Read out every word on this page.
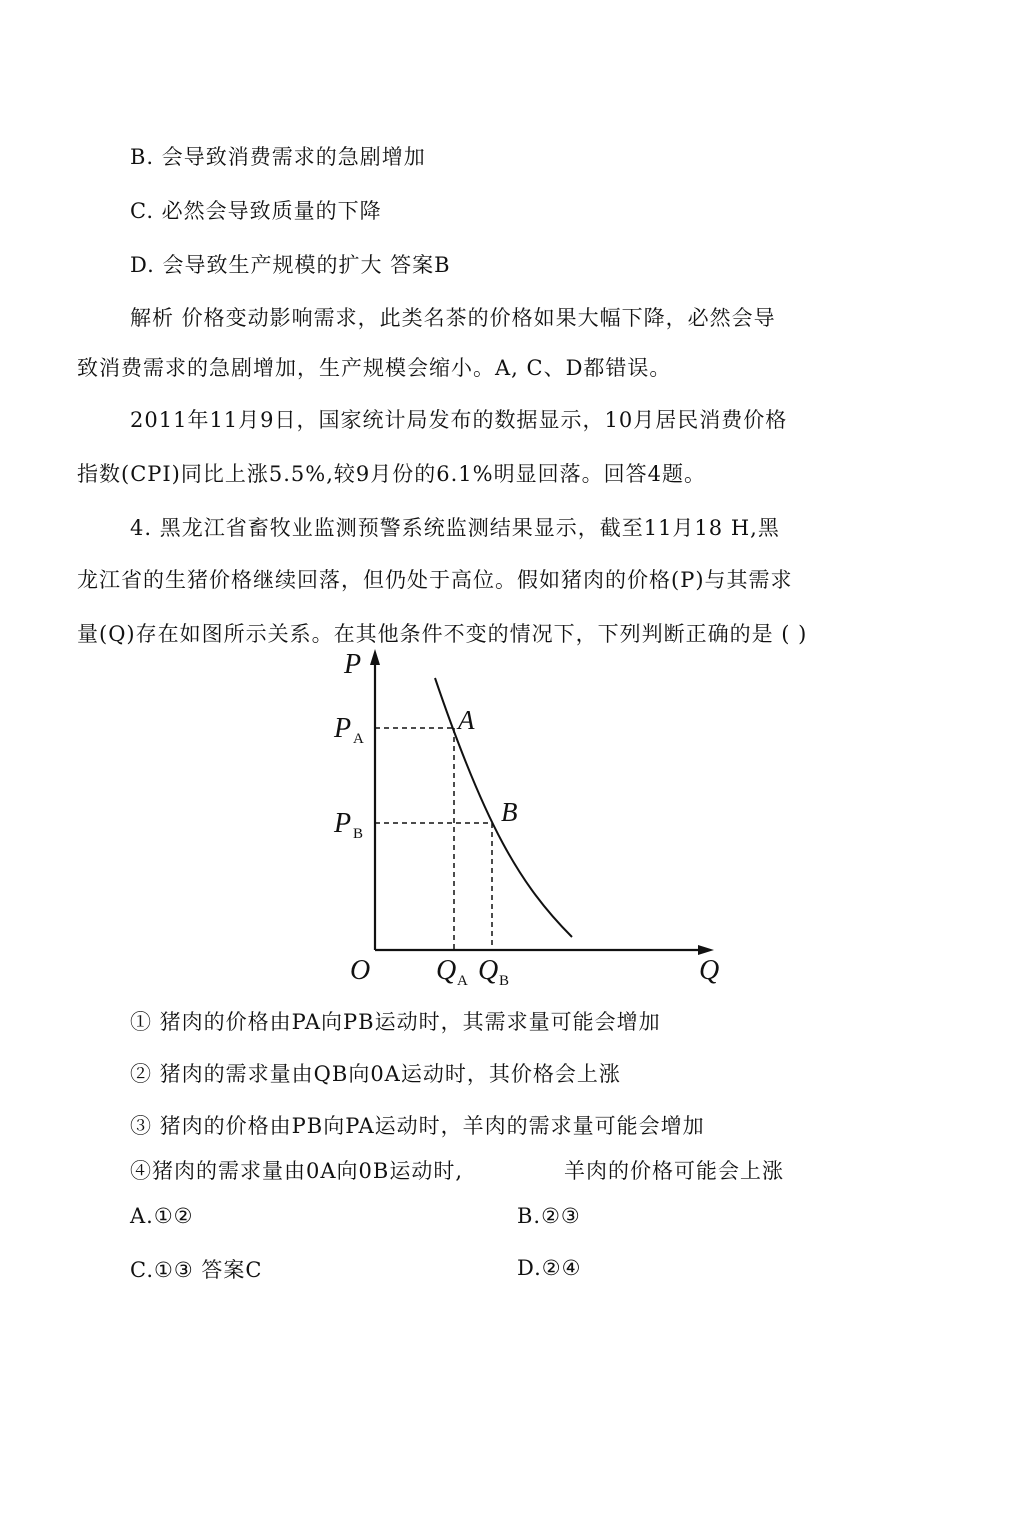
B. 会导致消费需求的急剧增加
C. 必然会导致质量的下降
D. 会导致生产规模的扩大 答案B
解析 价格变动影响需求，此类名茶的价格如果大幅下降，必然会导
致消费需求的急剧增加，生产规模会缩小。A, C、D都错误。
2011年11月9日，国家统计局发布的数据显示，10月居民消费价格
指数(CPI)同比上涨5.5%,较9月份的6.1%明显回落。回答4题。
4. 黑龙江省畜牧业监测预警系统监测结果显示，截至11月18 H,黑
龙江省的生猪价格继续回落，但仍处于高位。假如猪肉的价格(P)与其需求
量(Q)存在如图所示关系。在其他条件不变的情况下，下列判断正确的是 ( )
P
P A
P B
A
B
O Q A Q B	Q
① 猪肉的价格由PA向PB运动时，其需求量可能会增加
② 猪肉的需求量由QB向0A运动时，其价格会上涨
③ 猪肉的价格由PB向PA运动时，羊肉的需求量可能会增加
④猪肉的需求量由0A向0B运动时,	羊肉的价格可能会上涨
A.①②	B.②③
C.①③ 答案C	D.②④
